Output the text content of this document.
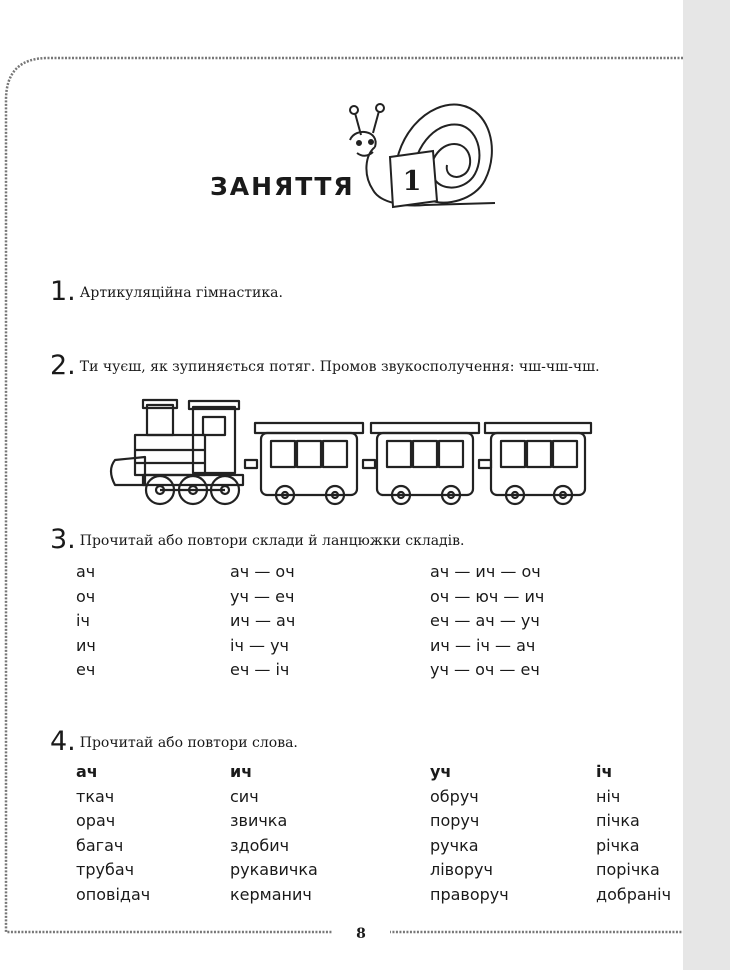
ЗАНЯТТЯ	1
1. Артикуляційна гімнастика.
2. Ти чуєш, як зупиняється потяг. Промов звукосполучення: чш-чш-чш.
3. Прочитай або повтори склади й ланцюжки складів.
ач
оч
іч
ич
еч
ач — оч
уч — еч
ич — ач
іч — уч
еч — іч
ач — ич — оч
оч — юч — ич
еч — ач — уч
ич — іч — ач
уч — оч — еч
4. Прочитай або повтори слова.
ач
ткач
орач
багач
трубач
оповідач
ич
сич
звичка
здобич
рукавичка
керманич
уч
обруч
поруч
ручка
ліворуч
праворуч
іч
ніч
пічка
річка
порічка
добраніч
8
